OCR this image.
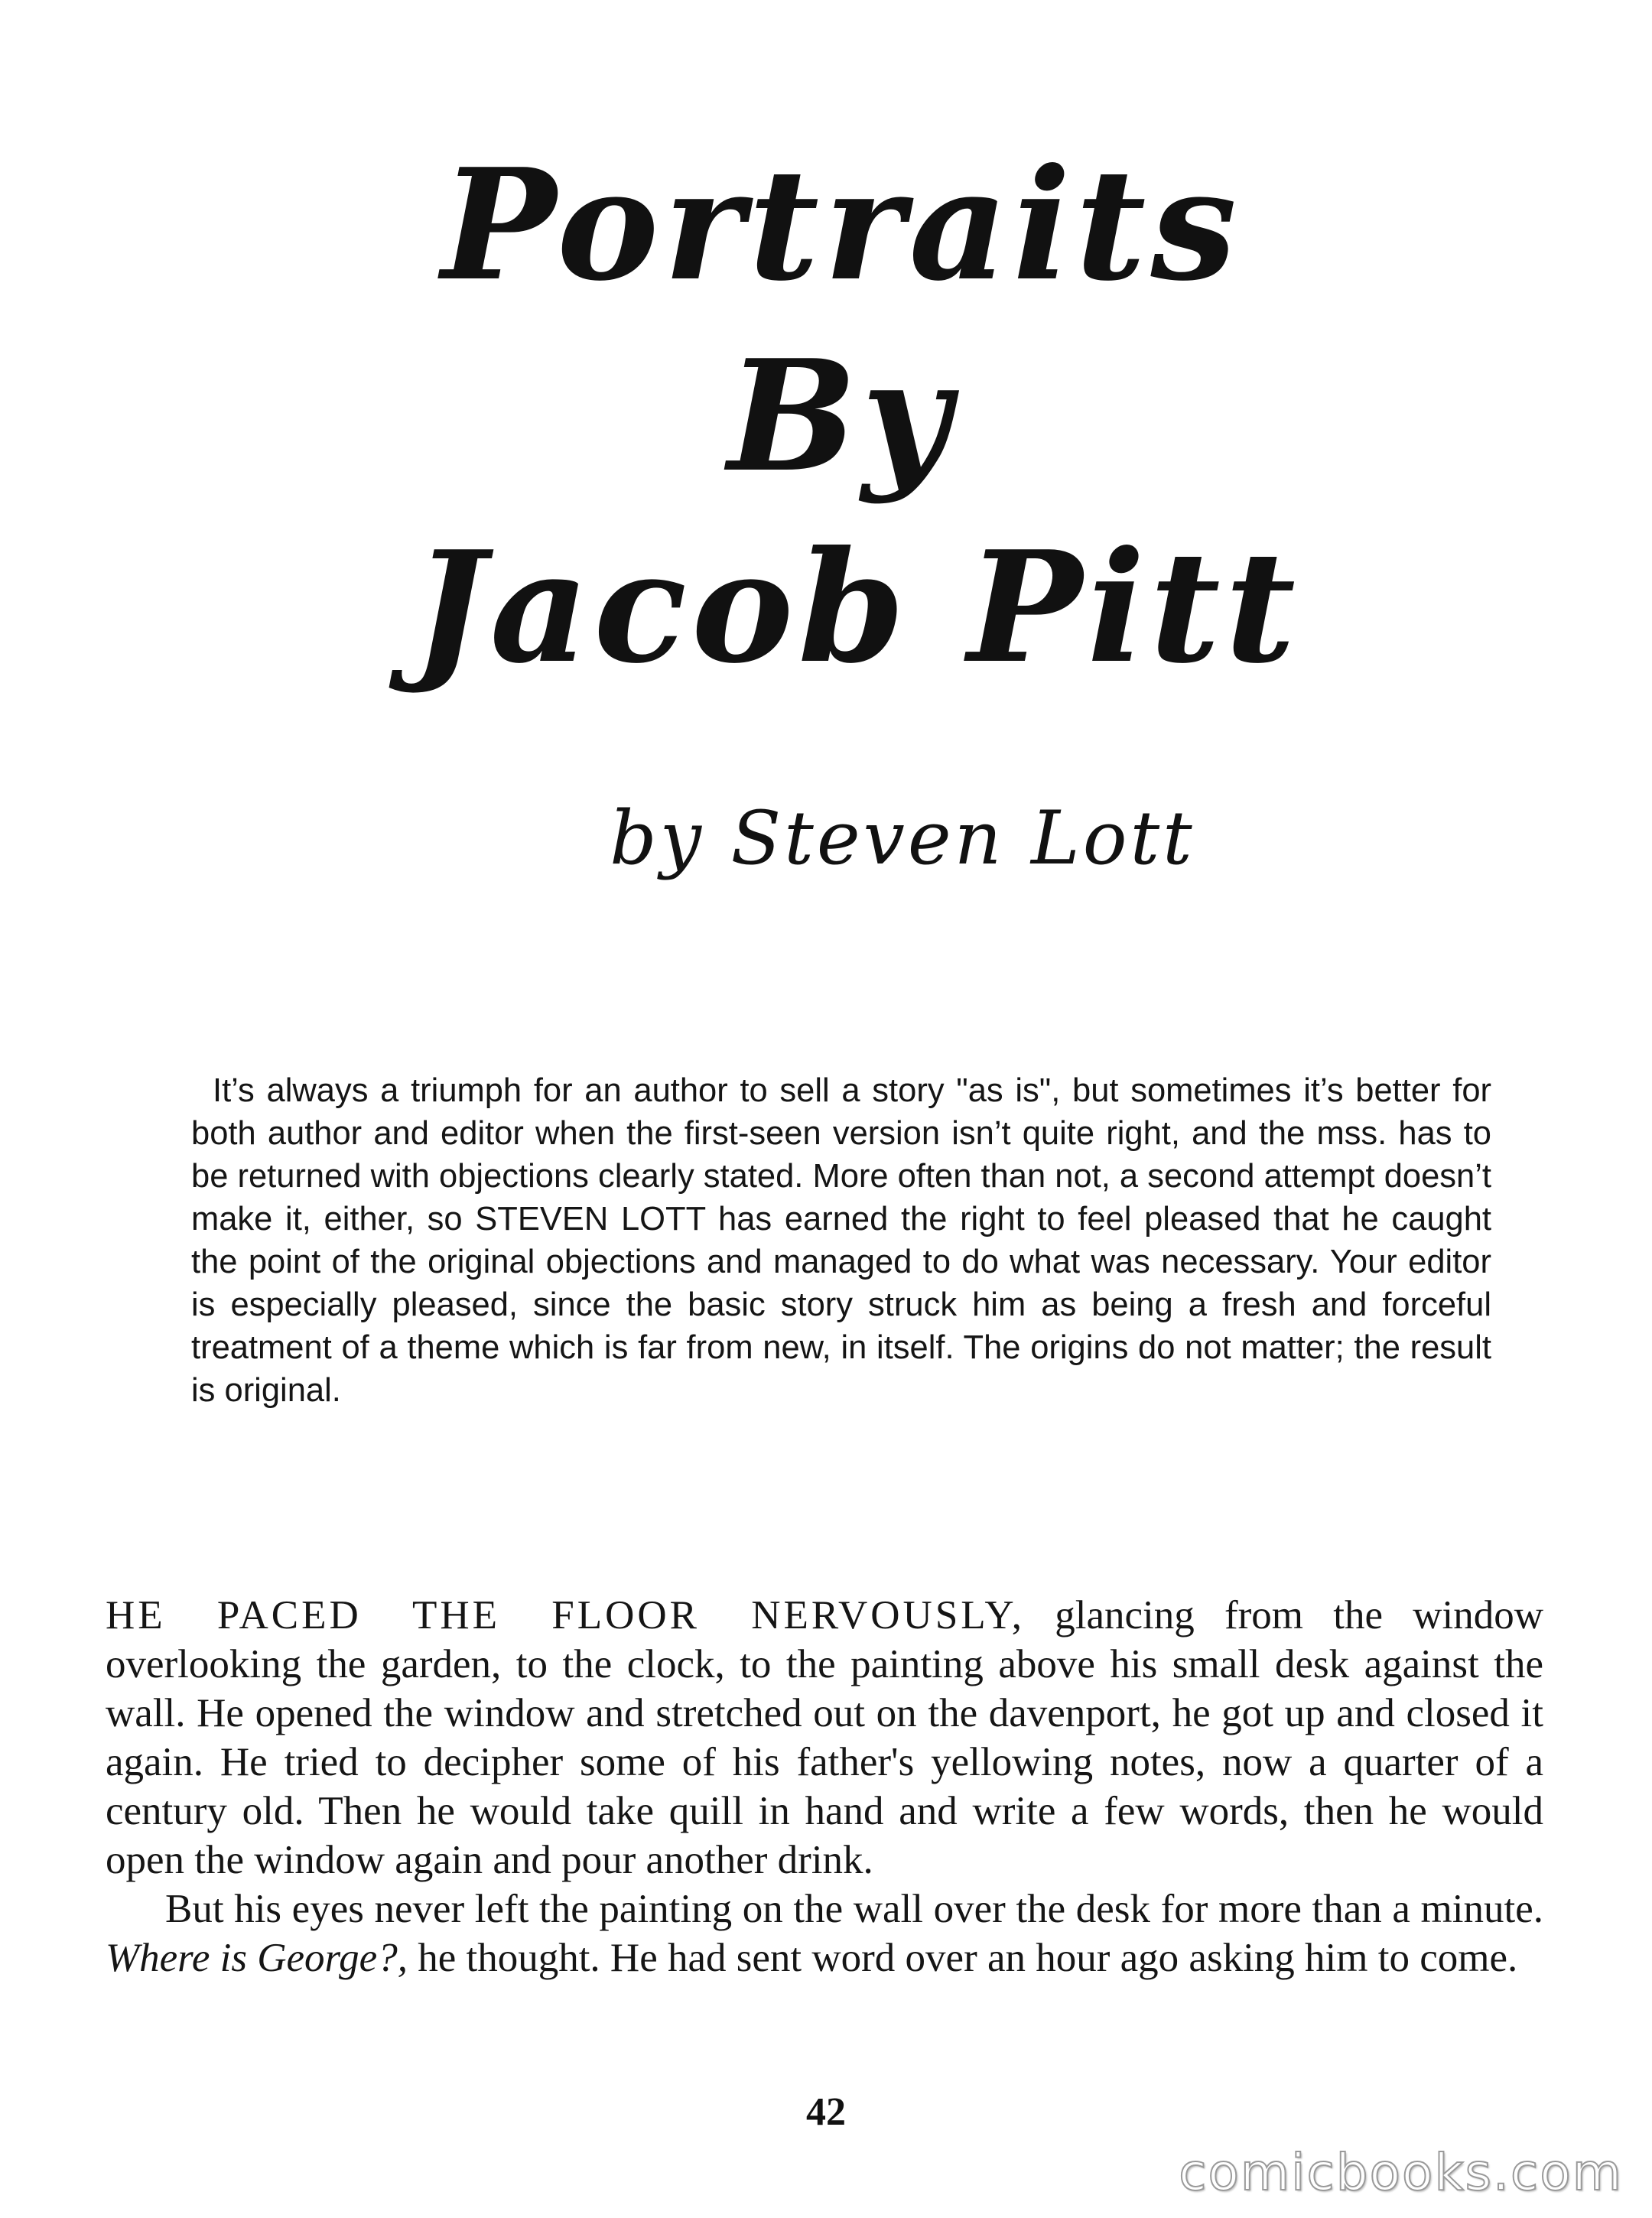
Portraits
By
Jacob Pitt
by Steven Lott
It’s always a triumph for an author to sell a story "as is", but sometimes it’s better for both author and editor when the first-seen version isn’t quite right, and the mss. has to be returned with objections clearly stated. More often than not, a second attempt doesn’t make it, either, so STEVEN LOTT has earned the right to feel pleased that he caught the point of the original objections and managed to do what was necessary. Your editor is especially pleased, since the basic story struck him as being a fresh and forceful treatment of a theme which is far from new, in itself. The origins do not matter; the result is original.

HE PACED THE FLOOR NERVOUSLY, glancing from the window overlooking the garden, to the clock, to the painting above his small desk against the wall. He opened the window and stretched out on the davenport, he got up and closed it again. He tried to decipher some of his father's yellowing notes, now a quarter of a century old. Then he would take quill in hand and write a few words, then he would open the window again and pour another drink.

But his eyes never left the painting on the wall over the desk for more than a minute. Where is George?, he thought. He had sent word over an hour ago asking him to come.

42
comicbooks.com
